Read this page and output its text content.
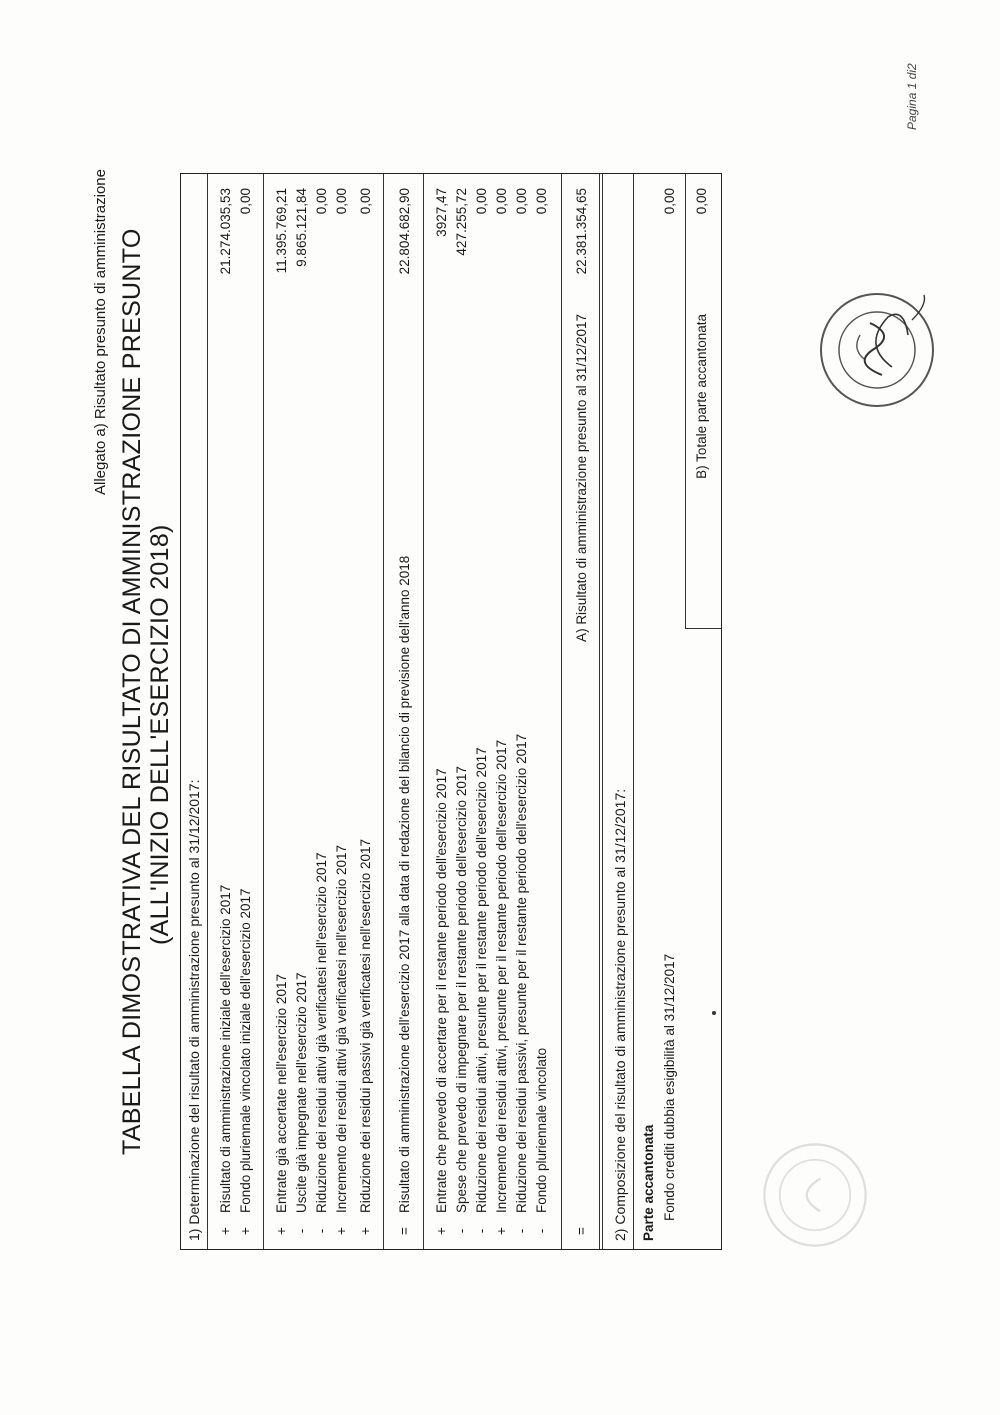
Allegato a) Risultato presunto di amministrazione TABELLA DIMOSTRATIVA DEL RISULTATO DI AMMINISTRAZIONE PRESUNTO (ALL'INIZIO DELL'ESERCIZIO 2018)
1) Determinazione del risultato di amministrazione presunto al 31/12/2017: +
Risultato di amministrazione iniziale dell'esercizio 2017
21.274.035,53
+
Fondo pluriennale vincolato iniziale dell'esercizio 2017
0,00
+
Entrate già accertate nell'esercizio 2017
11.395.769,21
-
Uscite già impegnate nell'esercizio 2017
9.865.121,84
-
Riduzione dei residui attivi già verificatesi nell'esercizio 2017
0,00
+
Incremento dei residui attivi già verificatesi nell'esercizio 2017
0,00
+
Riduzione dei residui passivi già verificatesi nell'esercizio 2017
0,00
=
Risultato di amministrazione dell'esercizio 2017 alla data di redazione del bilancio di previsione dell'anno 2018
22.804.682,90
+
Entrate che prevedo di accertare per il restante periodo dell'esercizio 2017
3927,47
-
Spese che prevedo di impegnare per il restante periodo dell'esercizio 2017
427.255,72
-
Riduzione dei residui attivi, presunte per il restante periodo dell'esercizio 2017
0,00
+
Incremento dei residui attivi, presunte per il restante periodo dell'esercizio 2017
0,00
-
Riduzione dei residui passivi, presunte per il restante periodo dell'esercizio 2017
0,00
-
Fondo pluriennale vincolato
0,00
=
A) Risultato di amministrazione presunto al 31/12/2017
22.381.354,65
2) Composizione del risultato di amministrazione presunto al 31/12/2017: Parte accantonata Fondo crediti dubbia esigibilità al 31/12/2017
0,00
B) Totale parte accantonata
0,00
Pagina 1 di2
